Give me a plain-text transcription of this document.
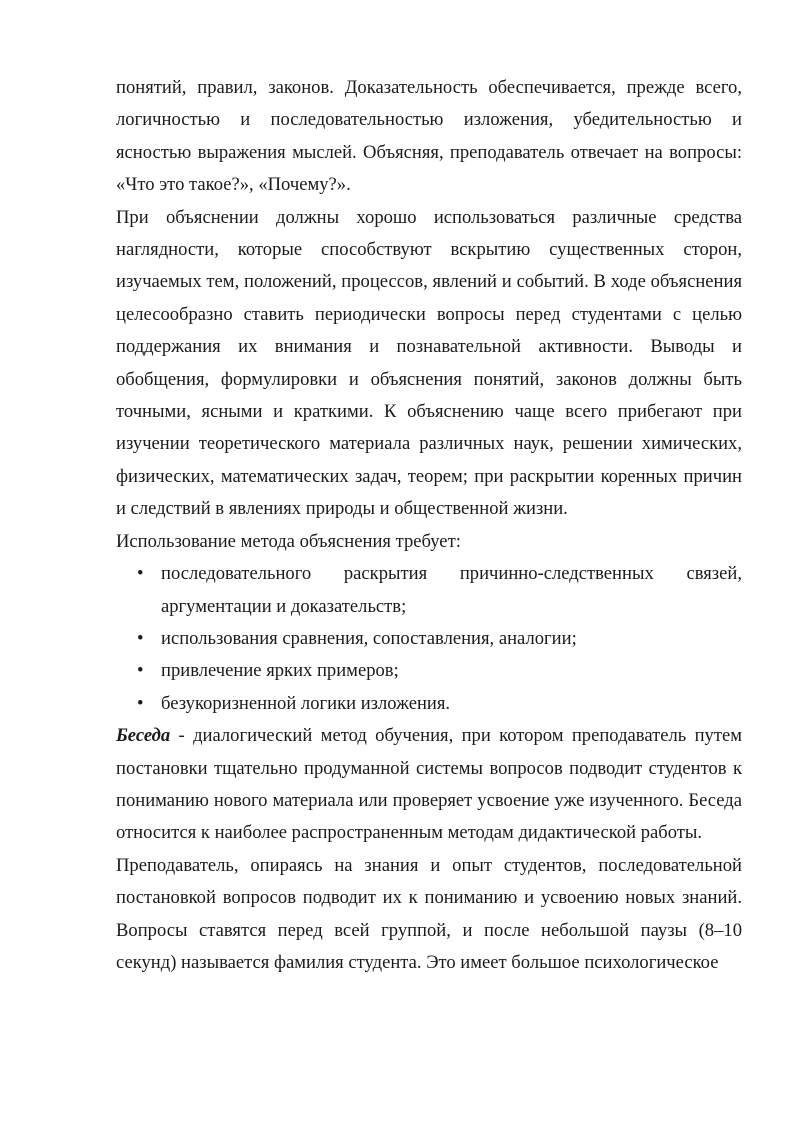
понятий, правил, законов. Доказательность обеспечивается, прежде всего, логичностью и последовательностью изложения, убедительностью и ясностью выражения мыслей. Объясняя, преподаватель отвечает на вопросы: «Что это такое?», «Почему?».

При объяснении должны хорошо использоваться различные средства наглядности, которые способствуют вскрытию существенных сторон, изучаемых тем, положений, процессов, явлений и событий. В ходе объяснения целесообразно ставить периодически вопросы перед студентами с целью поддержания их внимания и познавательной активности. Выводы и обобщения, формулировки и объяснения понятий, законов должны быть точными, ясными и краткими. К объяснению чаще всего прибегают при изучении теоретического материала различных наук, решении химических, физических, математических задач, теорем; при раскрытии коренных причин и следствий в явлениях природы и общественной жизни.

Использование метода объяснения требует:

• последовательного раскрытия причинно-следственных связей, аргументации и доказательств;
• использования сравнения, сопоставления, аналогии;
• привлечение ярких примеров;
• безукоризненной логики изложения.

Беседа - диалогический метод обучения, при котором преподаватель путем постановки тщательно продуманной системы вопросов подводит студентов к пониманию нового материала или проверяет усвоение уже изученного. Беседа относится к наиболее распространенным методам дидактической работы.

Преподаватель, опираясь на знания и опыт студентов, последовательной постановкой вопросов подводит их к пониманию и усвоению новых знаний. Вопросы ставятся перед всей группой, и после небольшой паузы (8–10 секунд) называется фамилия студента. Это имеет большое психологическое
